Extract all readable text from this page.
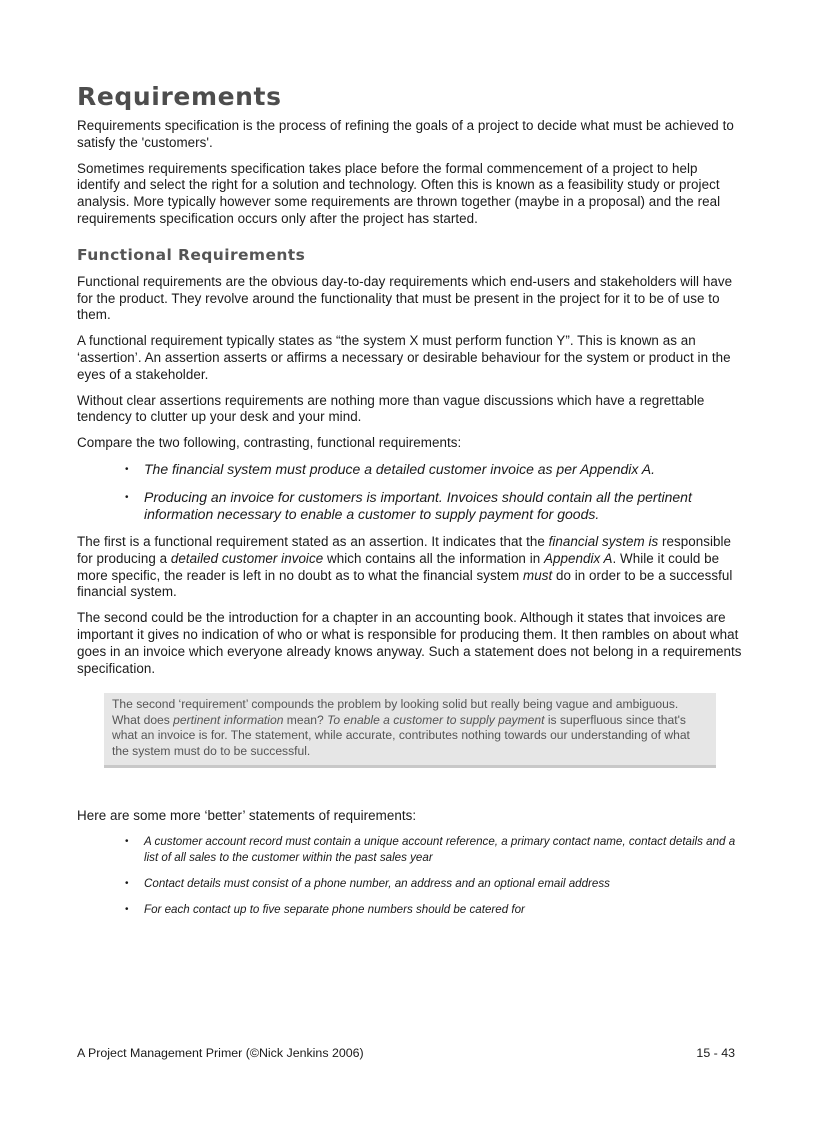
Requirements

Requirements specification is the process of refining the goals of a project to decide what must be achieved to satisfy the 'customers'.

Sometimes requirements specification takes place before the formal commencement of a project to help identify and select the right for a solution and technology. Often this is known as a feasibility study or project analysis. More typically however some requirements are thrown together (maybe in a proposal) and the real requirements specification occurs only after the project has started.

Functional Requirements

Functional requirements are the obvious day-to-day requirements which end-users and stakeholders will have for the product. They revolve around the functionality that must be present in the project for it to be of use to them.

A functional requirement typically states as “the system X must perform function Y”. This is known as an ‘assertion’. An assertion asserts or affirms a necessary or desirable behaviour for the system or product in the eyes of a stakeholder.

Without clear assertions requirements are nothing more than vague discussions which have a regrettable tendency to clutter up your desk and your mind.

Compare the two following, contrasting, functional requirements:

• The financial system must produce a detailed customer invoice as per Appendix A.
• Producing an invoice for customers is important. Invoices should contain all the pertinent information necessary to enable a customer to supply payment for goods.

The first is a functional requirement stated as an assertion. It indicates that the financial system is responsible for producing a detailed customer invoice which contains all the information in Appendix A. While it could be more specific, the reader is left in no doubt as to what the financial system must do in order to be a successful financial system.

The second could be the introduction for a chapter in an accounting book. Although it states that invoices are important it gives no indication of who or what is responsible for producing them. It then rambles on about what goes in an invoice which everyone already knows anyway. Such a statement does not belong in a requirements specification.

The second ‘requirement’ compounds the problem by looking solid but really being vague and ambiguous. What does pertinent information mean? To enable a customer to supply payment is superfluous since that's what an invoice is for. The statement, while accurate, contributes nothing towards our understanding of what the system must do to be successful.

Here are some more ‘better’ statements of requirements:

• A customer account record must contain a unique account reference, a primary contact name, contact details and a list of all sales to the customer within the past sales year
• Contact details must consist of a phone number, an address and an optional email address
• For each contact up to five separate phone numbers should be catered for
A Project Management Primer (©Nick Jenkins 2006)	15 - 43
